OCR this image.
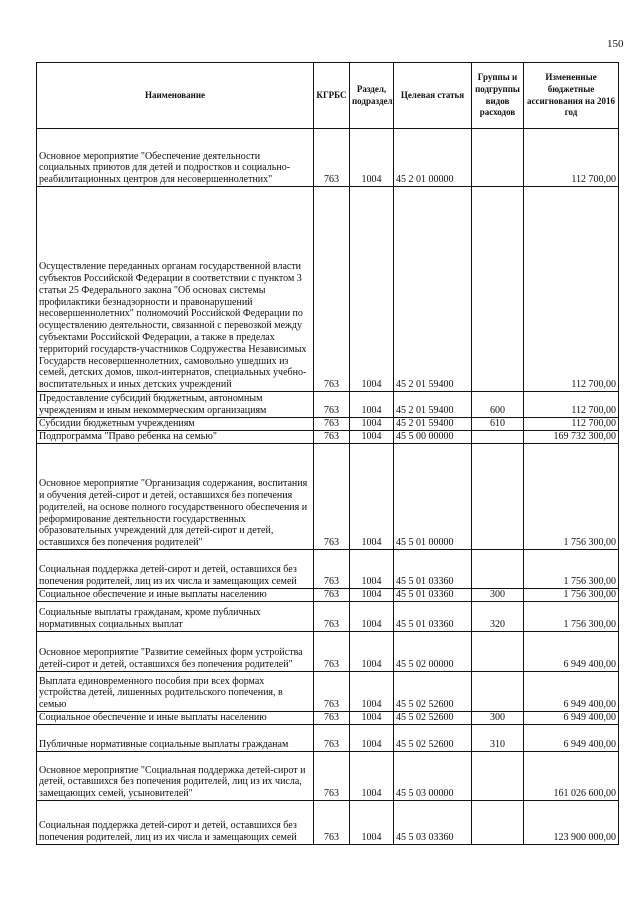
150
Наименование	КГРБС	Раздел, подраздел	Целевая статья	Группы и подгруппы видов расходов	Измененные бюджетные ассигнования на 2016 год
Основное мероприятие "Обеспечение деятельности социальных приютов для детей и подростков и социально-реабилитационных центров для несовершеннолетних"	763	1004	45 2 01 00000		112 700,00
Осуществление переданных органам государственной власти субъектов Российской Федерации в соответствии с пунктом 3 статьи 25 Федерального закона "Об основах системы профилактики безнадзорности и правонарушений несовершеннолетних" полномочий Российской Федерации по осуществлению деятельности, связанной с перевозкой между субъектами Российской Федерации, а также в пределах территорий государств-участников Содружества Независимых Государств несовершеннолетних, самовольно ушедших из семей, детских домов, школ-интернатов, специальных учебно-воспитательных и иных детских учреждений	763	1004	45 2 01 59400		112 700,00
Предоставление субсидий бюджетным, автономным учреждениям и иным некоммерческим организациям	763	1004	45 2 01 59400	600	112 700,00
Субсидии бюджетным учреждениям	763	1004	45 2 01 59400	610	112 700,00
Подпрограмма "Право ребенка на семью"	763	1004	45 5 00 00000		169 732 300,00
Основное мероприятие "Организация содержания, воспитания и обучения детей-сирот и детей, оставшихся без попечения родителей, на основе полного государственного обеспечения и реформирование деятельности государственных образовательных учреждений для детей-сирот и детей, оставшихся без попечения родителей"	763	1004	45 5 01 00000		1 756 300,00
Социальная поддержка детей-сирот и детей, оставшихся без попечения родителей, лиц из их числа и замещающих семей	763	1004	45 5 01 03360		1 756 300,00
Социальное обеспечение и иные выплаты населению	763	1004	45 5 01 03360	300	1 756 300,00
Социальные выплаты гражданам, кроме публичных нормативных социальных выплат	763	1004	45 5 01 03360	320	1 756 300,00
Основное мероприятие "Развитие семейных форм устройства детей-сирот и детей, оставшихся без попечения родителей"	763	1004	45 5 02 00000		6 949 400,00
Выплата единовременного пособия при всех формах устройства детей, лишенных родительского попечения, в семью	763	1004	45 5 02 52600		6 949 400,00
Социальное обеспечение и иные выплаты населению	763	1004	45 5 02 52600	300	6 949 400,00
Публичные нормативные социальные выплаты гражданам	763	1004	45 5 02 52600	310	6 949 400,00
Основное мероприятие "Социальная поддержка детей-сирот и детей, оставшихся без попечения родителей, лиц из их числа, замещающих семей, усыновителей"	763	1004	45 5 03 00000		161 026 600,00
Социальная поддержка детей-сирот и детей, оставшихся без попечения родителей, лиц из их числа и замещающих семей	763	1004	45 5 03 03360		123 900 000,00
